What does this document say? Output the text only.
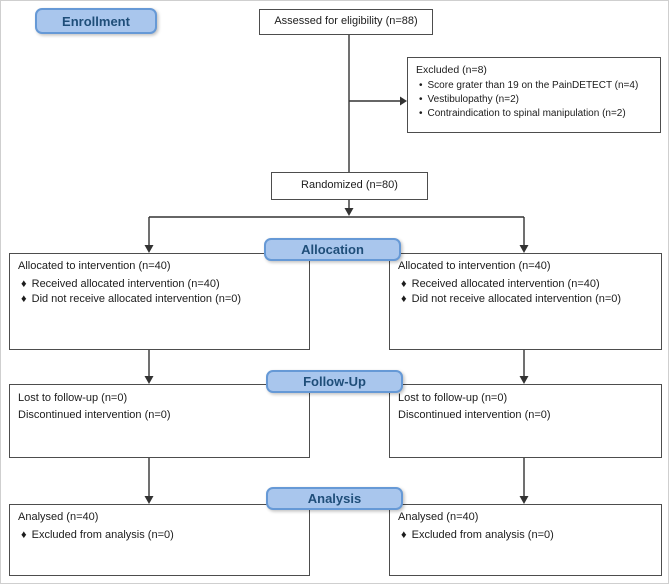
Enrollment
Allocation
Follow-Up
Analysis
Assessed for eligibility (n=88)
Excluded (n=8)
• Score grater than 19 on the PainDETECT (n=4)
• Vestibulopathy (n=2)
• Contraindication to spinal manipulation (n=2)
Randomized (n=80)
Allocated to intervention (n=40)
♦ Received allocated intervention (n=40)
♦ Did not receive allocated intervention (n=0)
Allocated to intervention (n=40)
♦ Received allocated intervention (n=40)
♦ Did not receive allocated intervention (n=0)
Lost to follow-up (n=0)
Discontinued intervention (n=0)
Lost to follow-up (n=0)
Discontinued intervention (n=0)
Analysed (n=40)
♦ Excluded from analysis (n=0)
Analysed (n=40)
♦ Excluded from analysis (n=0)
